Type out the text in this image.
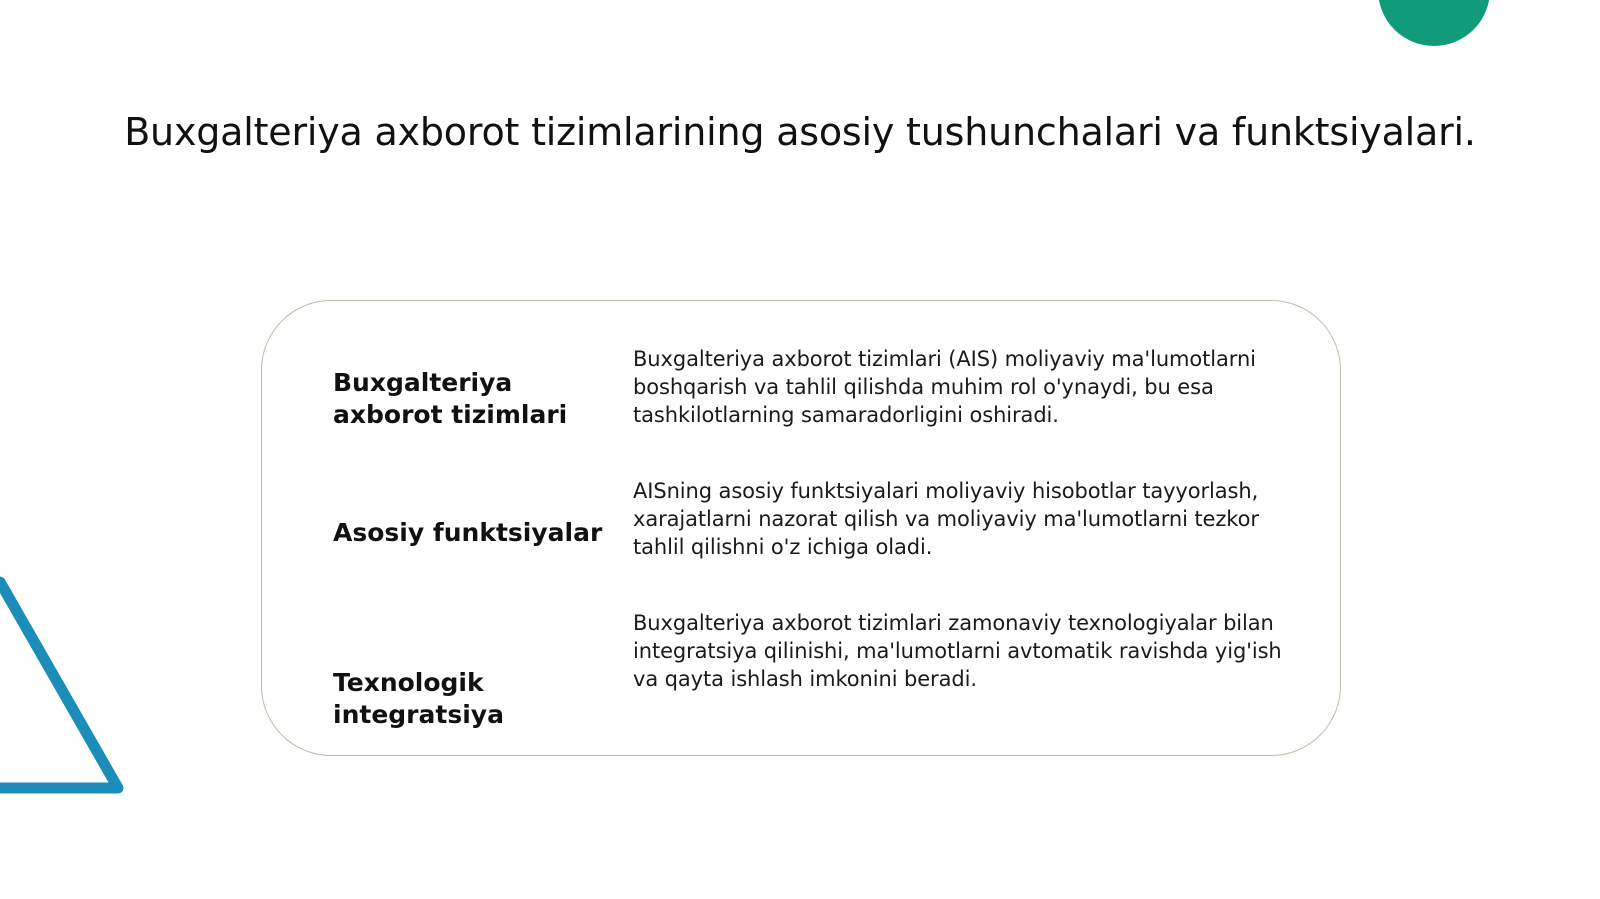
Buxgalteriya axborot tizimlarining asosiy tushunchalari va funktsiyalari.
Buxgalteriya axborot tizimlari
Buxgalteriya axborot tizimlari (AIS) moliyaviy ma'lumotlarni boshqarish va tahlil qilishda muhim rol o'ynaydi, bu esa tashkilotlarning samaradorligini oshiradi.
Asosiy funktsiyalar
AISning asosiy funktsiyalari moliyaviy hisobotlar tayyorlash, xarajatlarni nazorat qilish va moliyaviy ma'lumotlarni tezkor tahlil qilishni o'z ichiga oladi.
Texnologik integratsiya
Buxgalteriya axborot tizimlari zamonaviy texnologiyalar bilan integratsiya qilinishi, ma'lumotlarni avtomatik ravishda yig'ish va qayta ishlash imkonini beradi.
